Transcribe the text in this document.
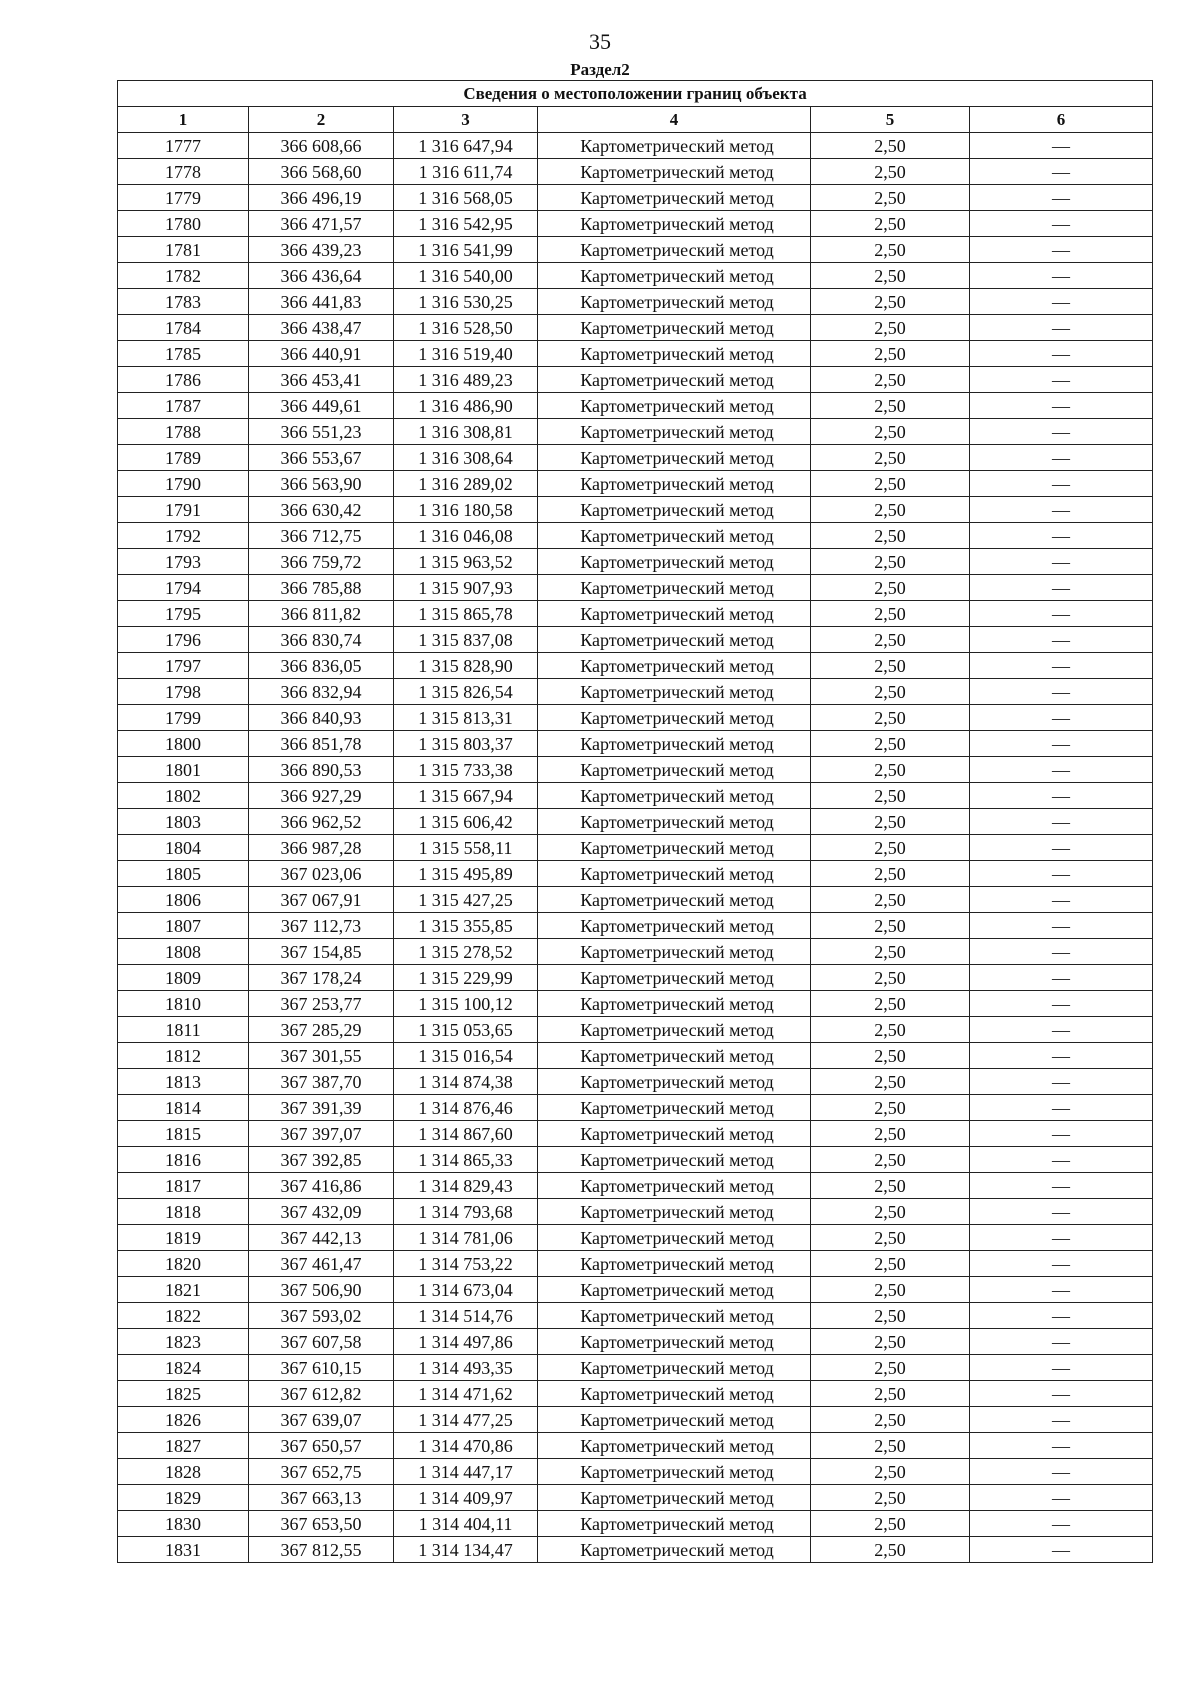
35
Раздел2
Сведения о местоположении границ объекта					
1	2	3	4	5	6
1777	366 608,66	1 316 647,94	Картометрический метод	2,50	—
1778	366 568,60	1 316 611,74	Картометрический метод	2,50	—
1779	366 496,19	1 316 568,05	Картометрический метод	2,50	—
1780	366 471,57	1 316 542,95	Картометрический метод	2,50	—
1781	366 439,23	1 316 541,99	Картометрический метод	2,50	—
1782	366 436,64	1 316 540,00	Картометрический метод	2,50	—
1783	366 441,83	1 316 530,25	Картометрический метод	2,50	—
1784	366 438,47	1 316 528,50	Картометрический метод	2,50	—
1785	366 440,91	1 316 519,40	Картометрический метод	2,50	—
1786	366 453,41	1 316 489,23	Картометрический метод	2,50	—
1787	366 449,61	1 316 486,90	Картометрический метод	2,50	—
1788	366 551,23	1 316 308,81	Картометрический метод	2,50	—
1789	366 553,67	1 316 308,64	Картометрический метод	2,50	—
1790	366 563,90	1 316 289,02	Картометрический метод	2,50	—
1791	366 630,42	1 316 180,58	Картометрический метод	2,50	—
1792	366 712,75	1 316 046,08	Картометрический метод	2,50	—
1793	366 759,72	1 315 963,52	Картометрический метод	2,50	—
1794	366 785,88	1 315 907,93	Картометрический метод	2,50	—
1795	366 811,82	1 315 865,78	Картометрический метод	2,50	—
1796	366 830,74	1 315 837,08	Картометрический метод	2,50	—
1797	366 836,05	1 315 828,90	Картометрический метод	2,50	—
1798	366 832,94	1 315 826,54	Картометрический метод	2,50	—
1799	366 840,93	1 315 813,31	Картометрический метод	2,50	—
1800	366 851,78	1 315 803,37	Картометрический метод	2,50	—
1801	366 890,53	1 315 733,38	Картометрический метод	2,50	—
1802	366 927,29	1 315 667,94	Картометрический метод	2,50	—
1803	366 962,52	1 315 606,42	Картометрический метод	2,50	—
1804	366 987,28	1 315 558,11	Картометрический метод	2,50	—
1805	367 023,06	1 315 495,89	Картометрический метод	2,50	—
1806	367 067,91	1 315 427,25	Картометрический метод	2,50	—
1807	367 112,73	1 315 355,85	Картометрический метод	2,50	—
1808	367 154,85	1 315 278,52	Картометрический метод	2,50	—
1809	367 178,24	1 315 229,99	Картометрический метод	2,50	—
1810	367 253,77	1 315 100,12	Картометрический метод	2,50	—
1811	367 285,29	1 315 053,65	Картометрический метод	2,50	—
1812	367 301,55	1 315 016,54	Картометрический метод	2,50	—
1813	367 387,70	1 314 874,38	Картометрический метод	2,50	—
1814	367 391,39	1 314 876,46	Картометрический метод	2,50	—
1815	367 397,07	1 314 867,60	Картометрический метод	2,50	—
1816	367 392,85	1 314 865,33	Картометрический метод	2,50	—
1817	367 416,86	1 314 829,43	Картометрический метод	2,50	—
1818	367 432,09	1 314 793,68	Картометрический метод	2,50	—
1819	367 442,13	1 314 781,06	Картометрический метод	2,50	—
1820	367 461,47	1 314 753,22	Картометрический метод	2,50	—
1821	367 506,90	1 314 673,04	Картометрический метод	2,50	—
1822	367 593,02	1 314 514,76	Картометрический метод	2,50	—
1823	367 607,58	1 314 497,86	Картометрический метод	2,50	—
1824	367 610,15	1 314 493,35	Картометрический метод	2,50	—
1825	367 612,82	1 314 471,62	Картометрический метод	2,50	—
1826	367 639,07	1 314 477,25	Картометрический метод	2,50	—
1827	367 650,57	1 314 470,86	Картометрический метод	2,50	—
1828	367 652,75	1 314 447,17	Картометрический метод	2,50	—
1829	367 663,13	1 314 409,97	Картометрический метод	2,50	—
1830	367 653,50	1 314 404,11	Картометрический метод	2,50	—
1831	367 812,55	1 314 134,47	Картометрический метод	2,50	—
